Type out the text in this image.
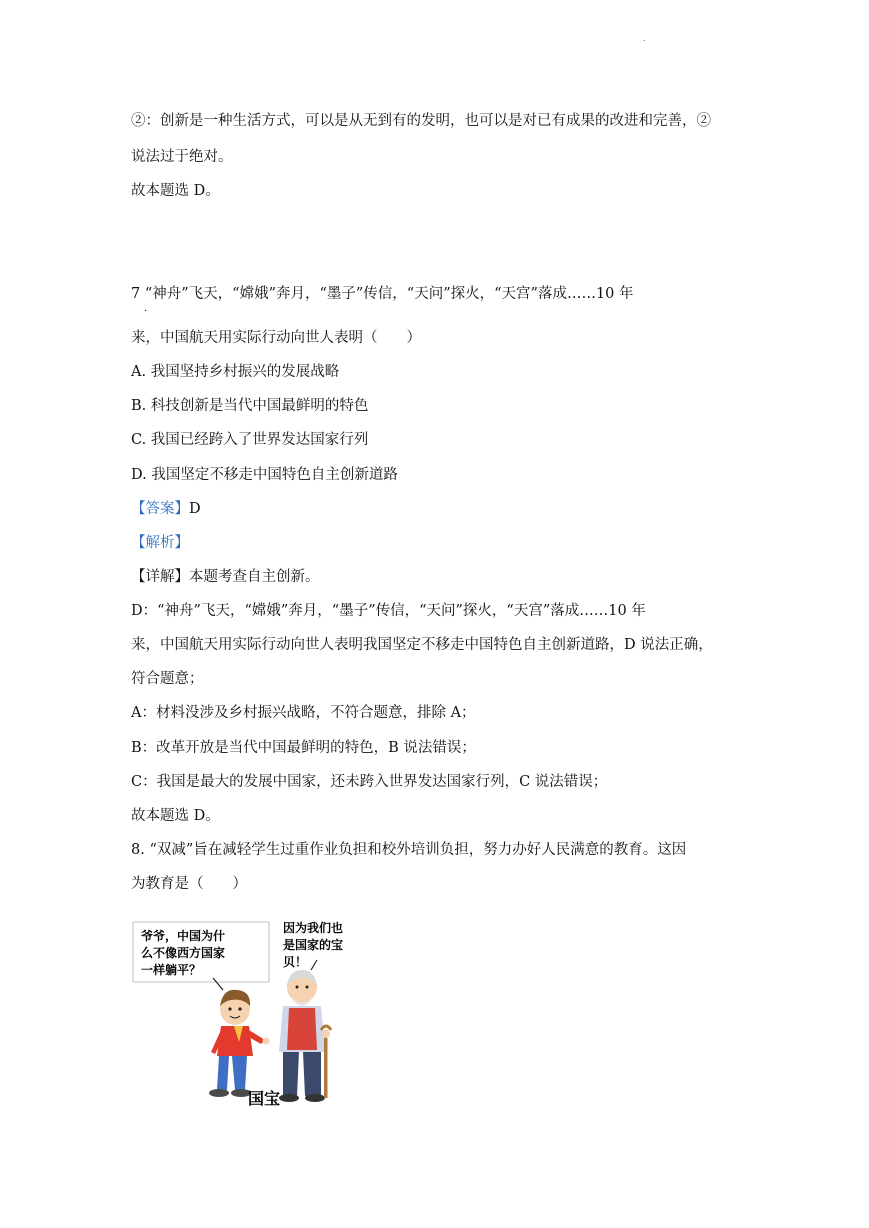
.
②：创新是一种生活方式，可以是从无到有的发明，也可以是对已有成果的改进和完善，②
说法过于绝对。
故本题选 D。
7 “神舟”飞天，“嫦娥”奔月，“墨子”传信，“天问”探火，“天宫”落成……10 年
·
来，中国航天用实际行动向世人表明（　　）
A. 我国坚持乡村振兴的发展战略
B. 科技创新是当代中国最鲜明的特色
C. 我国已经跨入了世界发达国家行列
D. 我国坚定不移走中国特色自主创新道路
【答案】D
【解析】
【详解】本题考查自主创新。
D：“神舟”飞天，“嫦娥”奔月，“墨子”传信，“天问”探火，“天宫”落成……10 年
来，中国航天用实际行动向世人表明我国坚定不移走中国特色自主创新道路，D 说法正确，
符合题意；
A：材料没涉及乡村振兴战略，不符合题意，排除 A；
B：改革开放是当代中国最鲜明的特色，B 说法错误；
C：我国是最大的发展中国家，还未跨入世界发达国家行列，C 说法错误；
故本题选 D。
8. “双减”旨在减轻学生过重作业负担和校外培训负担，努力办好人民满意的教育。这因
为教育是（　　）
爷爷，中国为什
么不像西方国家
一样躺平？
因为我们也
是国家的宝
贝！
国宝
